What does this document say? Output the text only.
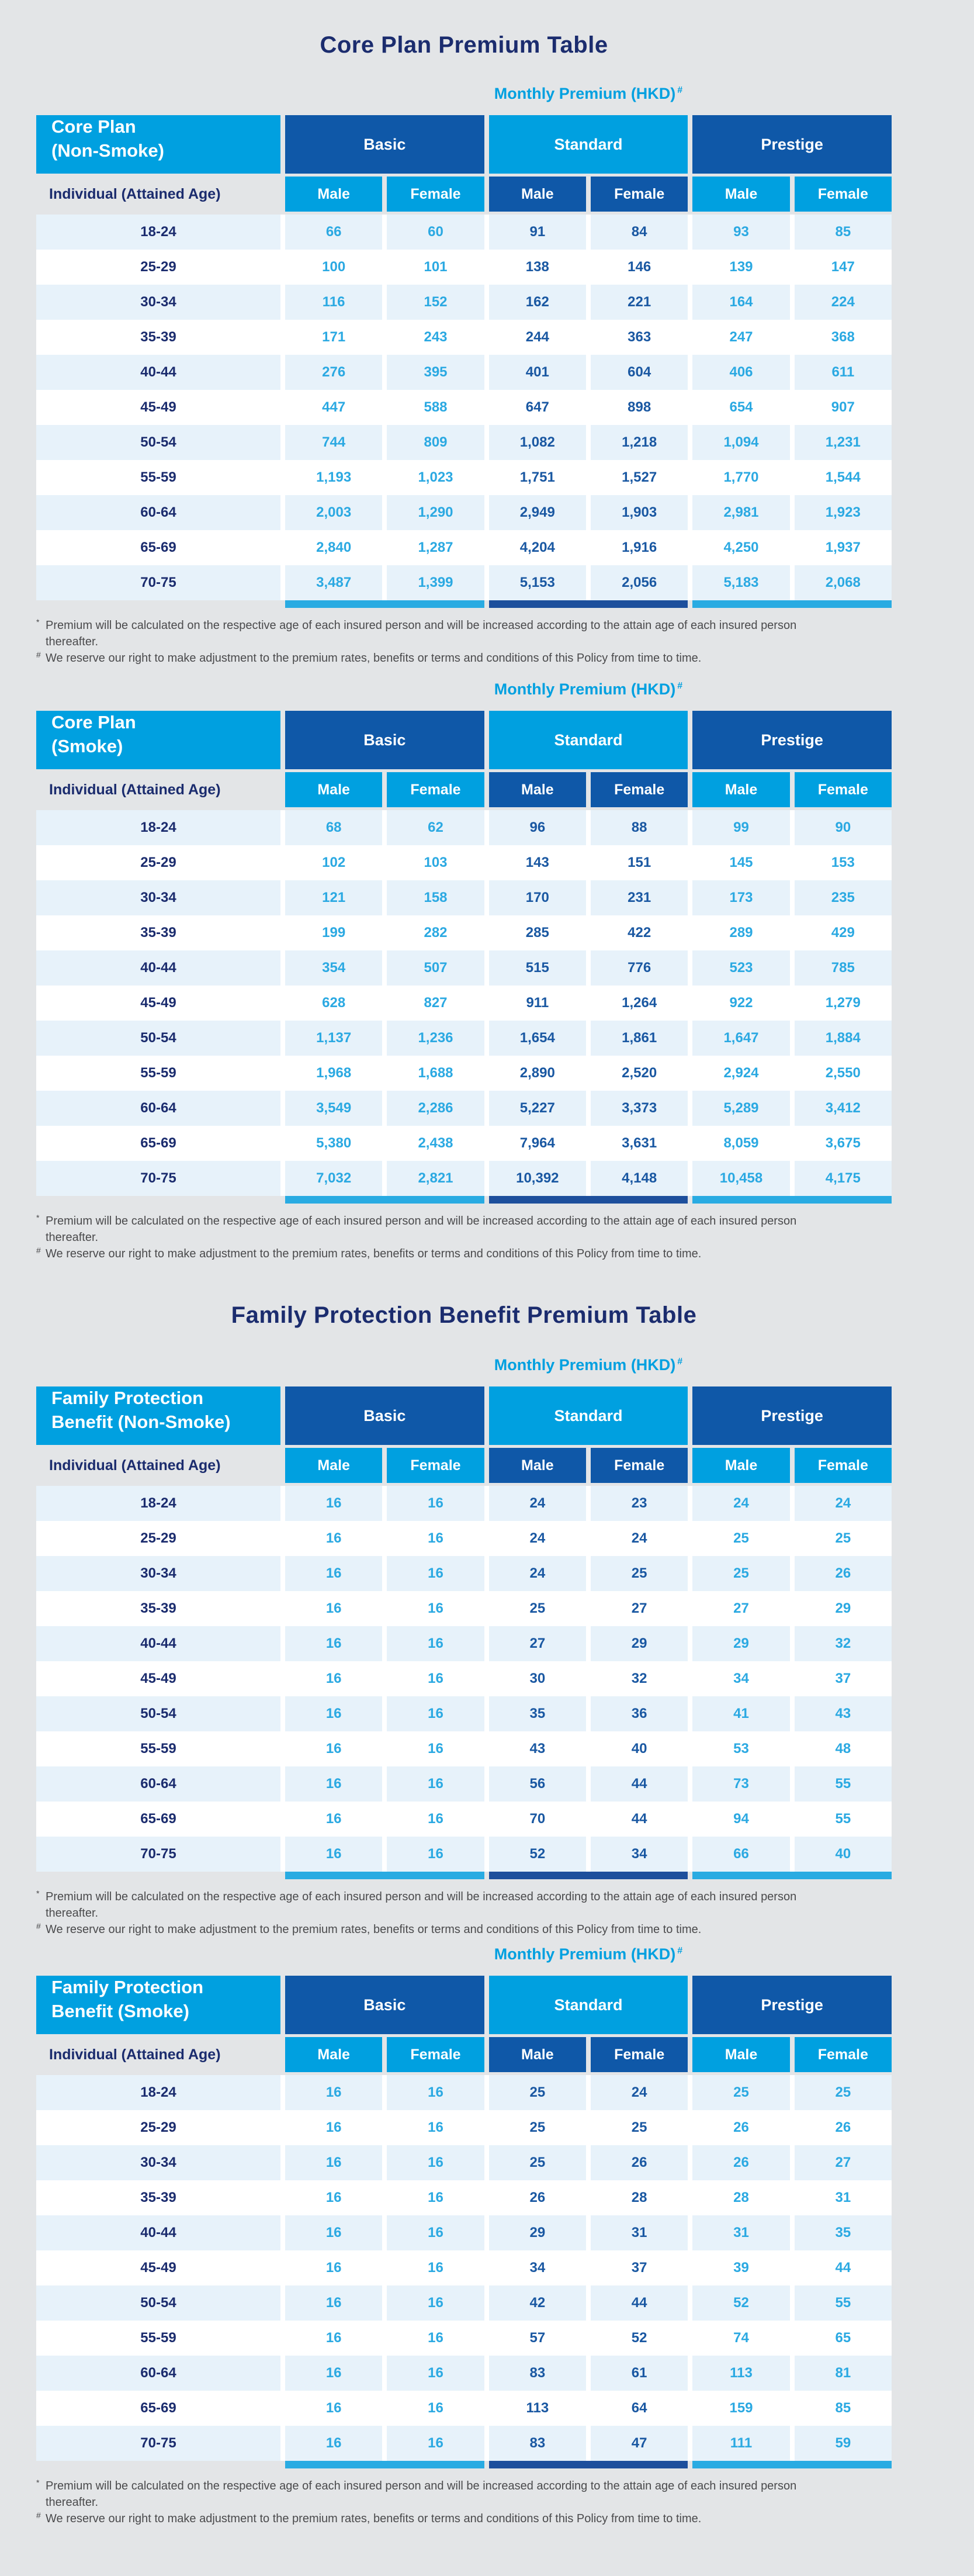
Core Plan Premium Table
Monthly Premium (HKD) #
Core Plan
(Non-Smoke)	Basic	Standard	Prestige
Individual (Attained Age)	Male	Female	Male	Female	Male	Female
18-24	66	60	91	84	93	85
25-29	100	101	138	146	139	147
30-34	116	152	162	221	164	224
35-39	171	243	244	363	247	368
40-44	276	395	401	604	406	611
45-49	447	588	647	898	654	907
50-54	744	809	1,082	1,218	1,094	1,231
55-59	1,193	1,023	1,751	1,527	1,770	1,544
60-64	2,003	1,290	2,949	1,903	2,981	1,923
65-69	2,840	1,287	4,204	1,916	4,250	1,937
70-75	3,487	1,399	5,153	2,056	5,183	2,068
* Premium will be calculated on the respective age of each insured person and will be increased according to the attain age of each insured person thereafter.
# We reserve our right to make adjustment to the premium rates, benefits or terms and conditions of this Policy from time to time.
Monthly Premium (HKD) #
Core Plan
(Smoke)	Basic	Standard	Prestige
Individual (Attained Age)	Male	Female	Male	Female	Male	Female
18-24	68	62	96	88	99	90
25-29	102	103	143	151	145	153
30-34	121	158	170	231	173	235
35-39	199	282	285	422	289	429
40-44	354	507	515	776	523	785
45-49	628	827	911	1,264	922	1,279
50-54	1,137	1,236	1,654	1,861	1,647	1,884
55-59	1,968	1,688	2,890	2,520	2,924	2,550
60-64	3,549	2,286	5,227	3,373	5,289	3,412
65-69	5,380	2,438	7,964	3,631	8,059	3,675
70-75	7,032	2,821	10,392	4,148	10,458	4,175
* Premium will be calculated on the respective age of each insured person and will be increased according to the attain age of each insured person thereafter.
# We reserve our right to make adjustment to the premium rates, benefits or terms and conditions of this Policy from time to time.
Family Protection Benefit Premium Table
Monthly Premium (HKD) #
Family Protection
Benefit (Non-Smoke)	Basic	Standard	Prestige
Individual (Attained Age)	Male	Female	Male	Female	Male	Female
18-24	16	16	24	23	24	24
25-29	16	16	24	24	25	25
30-34	16	16	24	25	25	26
35-39	16	16	25	27	27	29
40-44	16	16	27	29	29	32
45-49	16	16	30	32	34	37
50-54	16	16	35	36	41	43
55-59	16	16	43	40	53	48
60-64	16	16	56	44	73	55
65-69	16	16	70	44	94	55
70-75	16	16	52	34	66	40
* Premium will be calculated on the respective age of each insured person and will be increased according to the attain age of each insured person thereafter.
# We reserve our right to make adjustment to the premium rates, benefits or terms and conditions of this Policy from time to time.
Monthly Premium (HKD) #
Family Protection
Benefit (Smoke)	Basic	Standard	Prestige
Individual (Attained Age)	Male	Female	Male	Female	Male	Female
18-24	16	16	25	24	25	25
25-29	16	16	25	25	26	26
30-34	16	16	25	26	26	27
35-39	16	16	26	28	28	31
40-44	16	16	29	31	31	35
45-49	16	16	34	37	39	44
50-54	16	16	42	44	52	55
55-59	16	16	57	52	74	65
60-64	16	16	83	61	113	81
65-69	16	16	113	64	159	85
70-75	16	16	83	47	111	59
* Premium will be calculated on the respective age of each insured person and will be increased according to the attain age of each insured person thereafter.
# We reserve our right to make adjustment to the premium rates, benefits or terms and conditions of this Policy from time to time.
